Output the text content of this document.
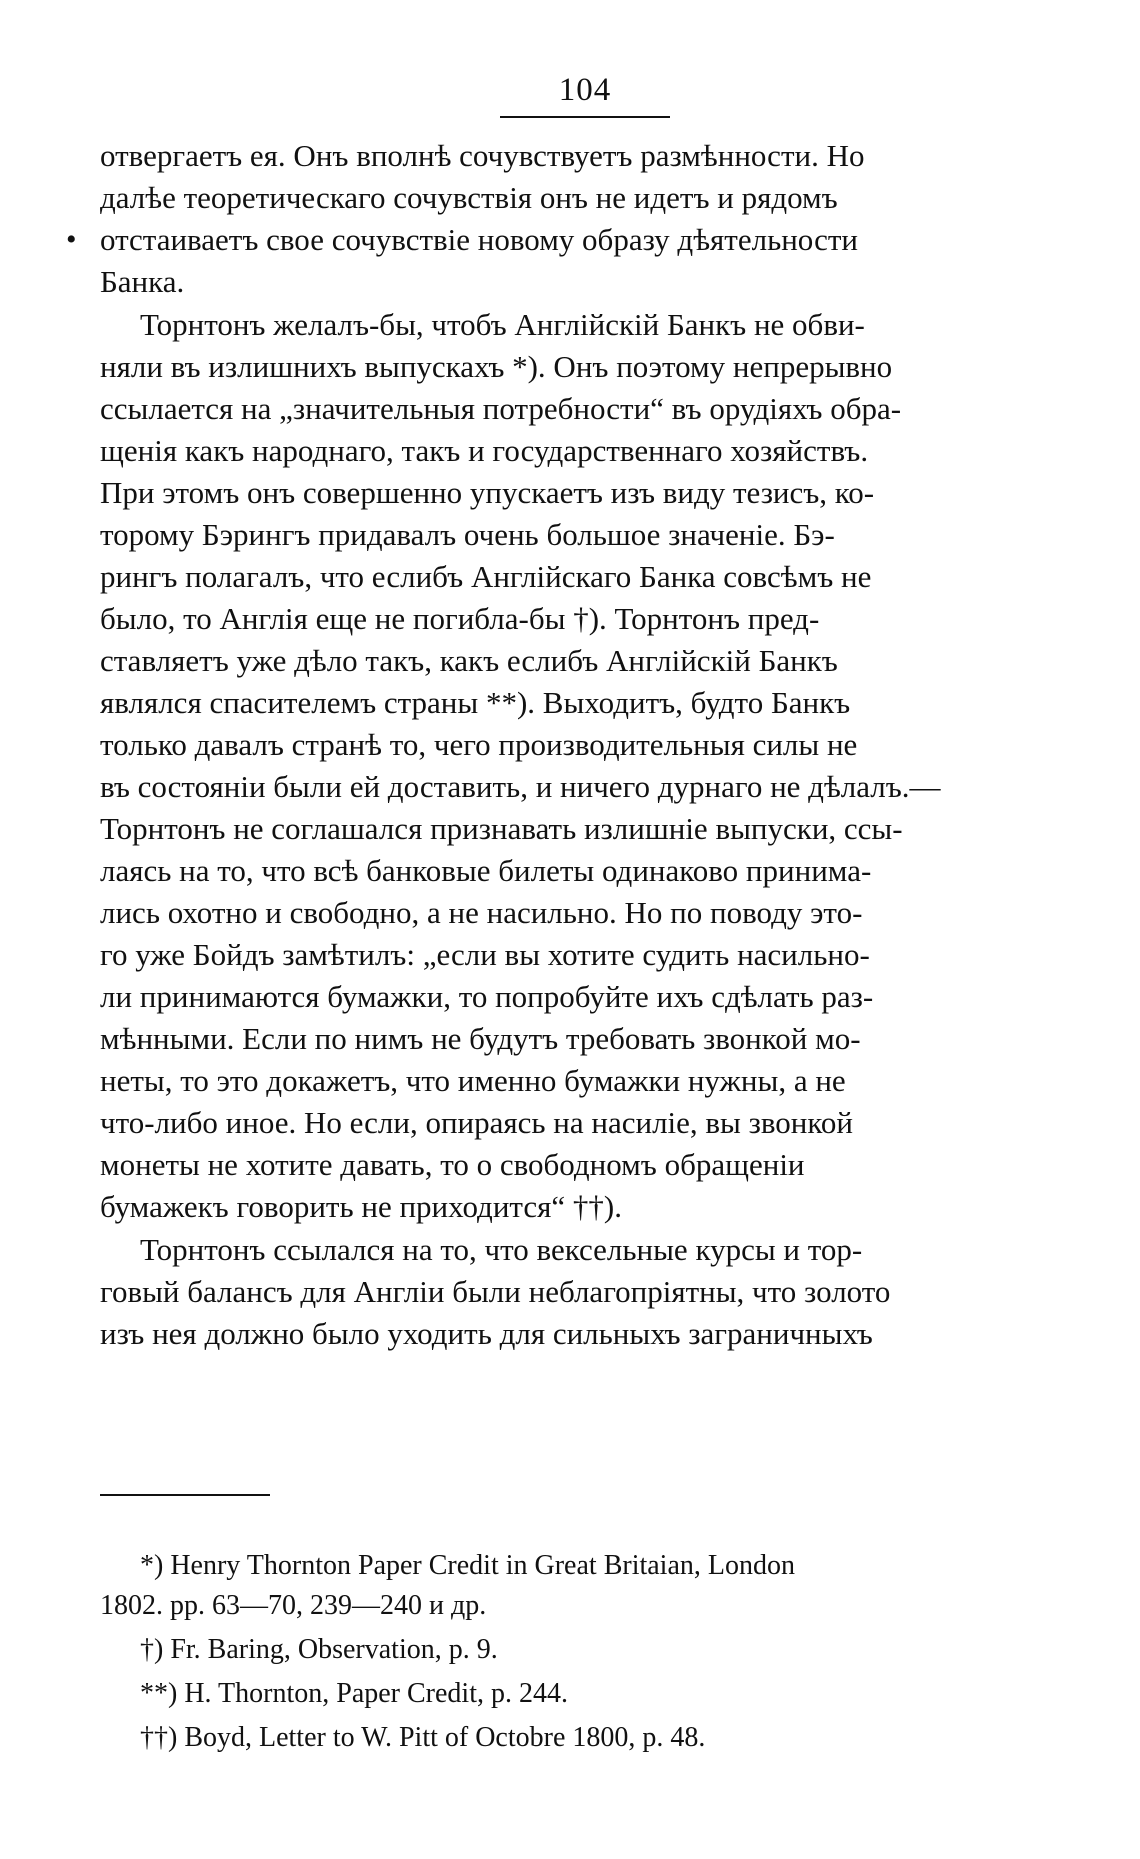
104
•
отвергаетъ ея. Онъ вполнѣ сочувствуетъ размѣнности. Но
далѣе теоретическаго сочувствія онъ не идетъ и рядомъ
отстаиваетъ свое сочувствіе новому образу дѣятельности
Банка.
Торнтонъ желалъ-бы, чтобъ Англійскій Банкъ не обви-
няли въ излишнихъ выпускахъ *). Онъ поэтому непрерывно
ссылается на „значительныя потребности“ въ орудіяхъ обра-
щенія какъ народнаго, такъ и государственнаго хозяйствъ.
При этомъ онъ совершенно упускаетъ изъ виду тезисъ, ко-
торому Бэрингъ придавалъ очень большое значеніе. Бэ-
рингъ полагалъ, что еслибъ Англійскаго Банка совсѣмъ не
было, то Англія еще не погибла-бы †). Торнтонъ пред-
ставляетъ уже дѣло такъ, какъ еслибъ Англійскій Банкъ
являлся спасителемъ страны **). Выходитъ, будто Банкъ
только давалъ странѣ то, чего производительныя силы не
въ состояніи были ей доставить, и ничего дурнаго не дѣлалъ.—
Торнтонъ не соглашался признавать излишніе выпуски, ссы-
лаясь на то, что всѣ банковые билеты одинаково принима-
лись охотно и свободно, а не насильно. Но по поводу это-
го уже Бойдъ замѣтилъ: „если вы хотите судить насильно-
ли принимаются бумажки, то попробуйте ихъ сдѣлать раз-
мѣнными. Если по нимъ не будутъ требовать звонкой мо-
неты, то это докажетъ, что именно бумажки нужны, а не
что-либо иное. Но если, опираясь на насиліе, вы звонкой
монеты не хотите давать, то о свободномъ обращеніи
бумажекъ говорить не приходится“ ††).
Торнтонъ ссылался на то, что вексельные курсы и тор-
говый балансъ для Англіи были неблагопріятны, что золото
изъ нея должно было уходить для сильныхъ заграничныхъ
*) Henry Thornton Paper Credit in Great Britaian, London
1802. pp. 63—70, 239—240 и др.
†) Fr. Baring, Observation, p. 9.
**) H. Thornton, Paper Credit, p. 244.
††) Boyd, Letter to W. Pitt of Octobre 1800, p. 48.
